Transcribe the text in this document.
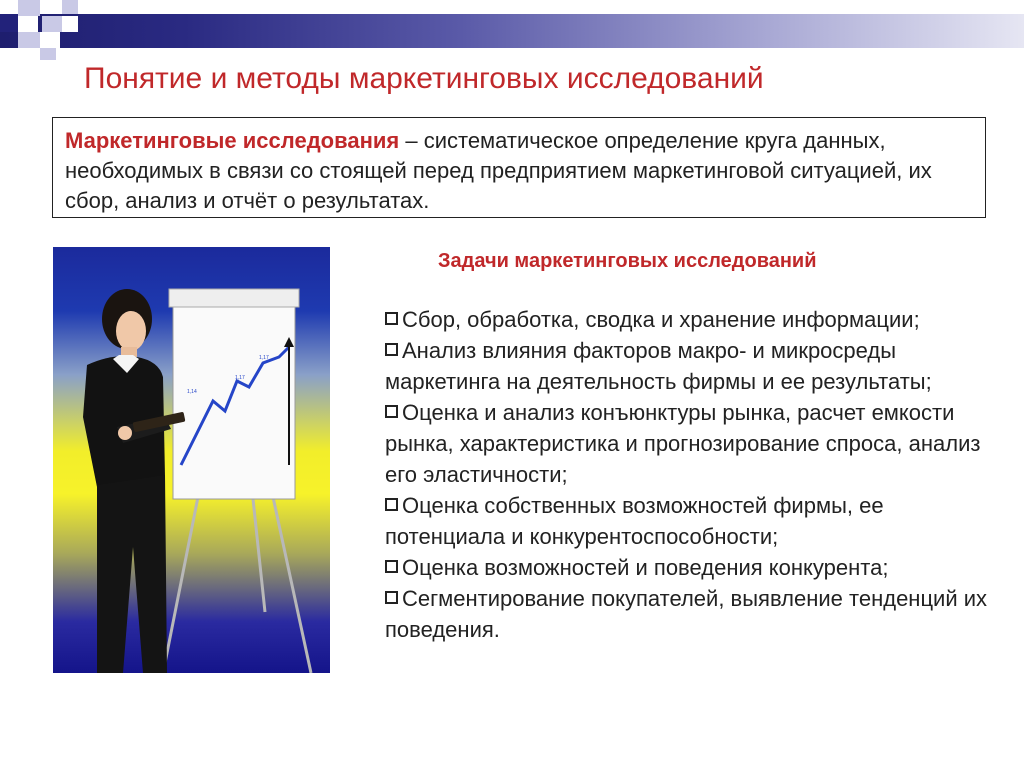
Понятие и методы маркетинговых исследований
Маркетинговые исследования – систематическое определение круга данных, необходимых в связи со стоящей перед предприятием маркетинговой ситуацией, их сбор, анализ и отчёт о результатах.
1,14
1,17
1,17
Задачи маркетинговых исследований
Сбор, обработка, сводка и хранение информации;
Анализ влияния факторов макро- и микросреды маркетинга на деятельность фирмы и ее результаты;
Оценка и анализ конъюнктуры рынка, расчет емкости рынка, характеристика и прогнозирование спроса, анализ его эластичности;
Оценка собственных возможностей фирмы, ее потенциала и конкурентоспособности;
Оценка возможностей и поведения конкурента;
Сегментирование покупателей, выявление тенденций их поведения.
